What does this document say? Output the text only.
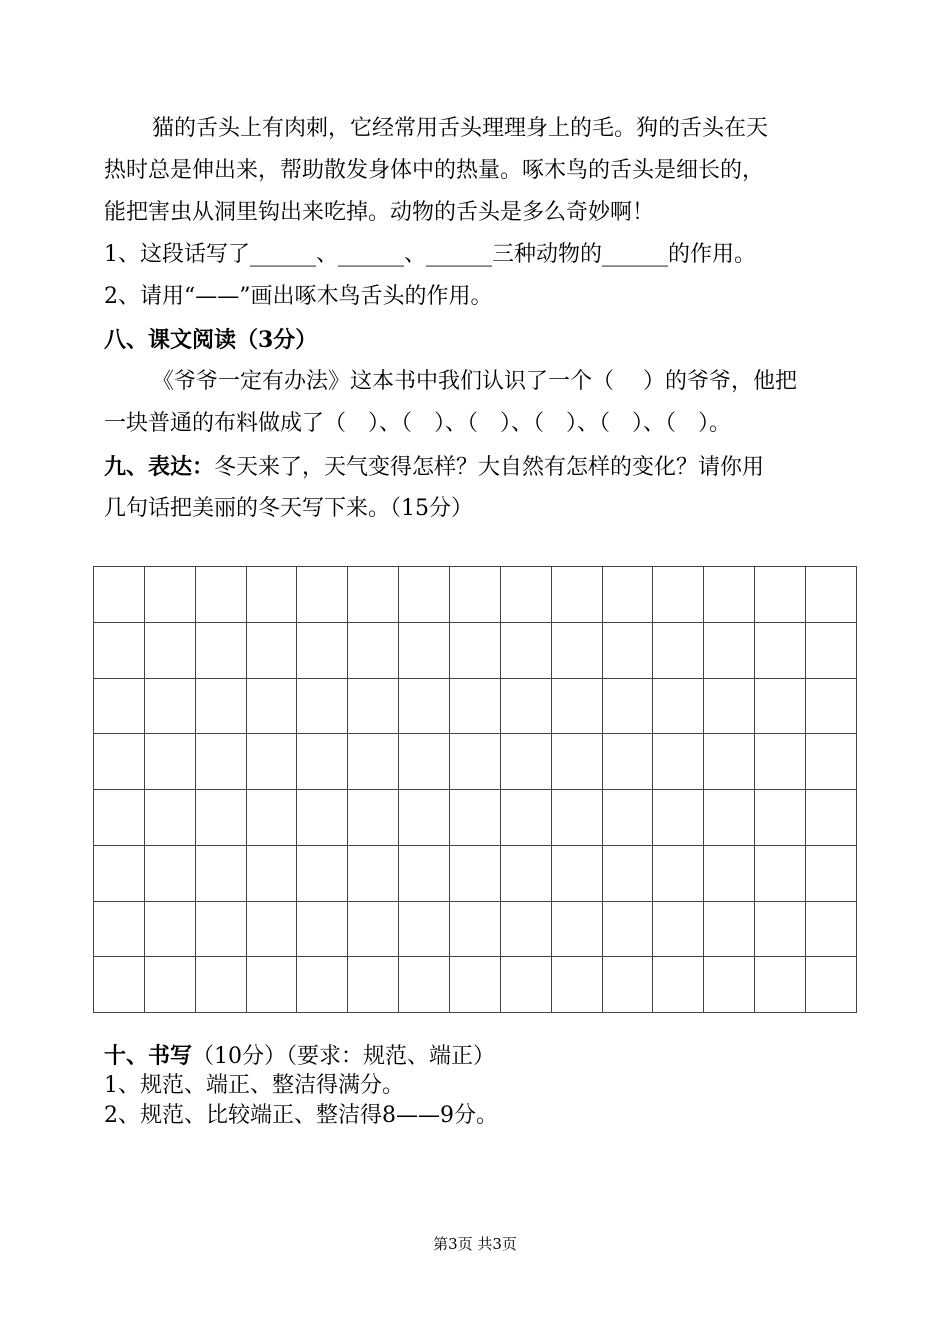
猫的舌头上有肉刺，它经常用舌头理理身上的毛。狗的舌头在天
热时总是伸出来，帮助散发身体中的热量。啄木鸟的舌头是细长的，
能把害虫从洞里钩出来吃掉。动物的舌头是多么奇妙啊！
1、这段话写了______、______、______三种动物的______的作用。
2、请用“——”画出啄木鸟舌头的作用。
八、课文阅读（3分）
《爷爷一定有办法》这本书中我们认识了一个（　 ）的爷爷，他把
一块普通的布料做成了（　）、（　）、（　）、（　）、（　）、（　）。
九、表达：冬天来了，天气变得怎样？大自然有怎样的变化？请你用
几句话把美丽的冬天写下来。（15分）

十、书写（10分）（要求：规范、端正）
1、规范、端正、整洁得满分。
2、规范、比较端正、整洁得8——9分。
第3页 共3页
